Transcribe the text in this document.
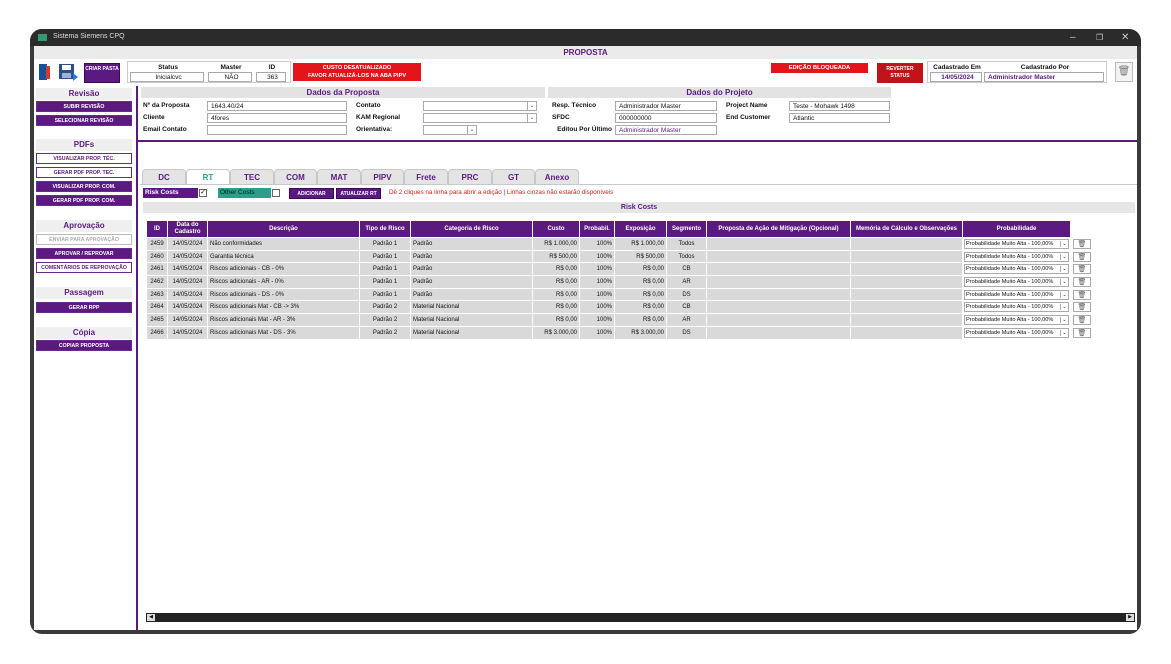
Sistema Siemens CPQ	–	❐ ✕
PROPOSTA
CRIAR PASTA	Status
Inicialcvc
Master
NÃO
ID
363
CUSTO DESATUALIZADO
FAVOR ATUALIZÁ-LOS NA ABA PIPV
EDIÇÃO BLOQUEADA	REVERTER
STATUS
Cadastrado Em
14/05/2024
Cadastrado Por
Administrador Master
🗑
Revisão
SUBIR REVISÃO
SELECIONAR REVISÃO
PDFs
VISUALIZAR PROP. TÉC.
GERAR PDF PROP. TEC.
VISUALIZAR PROP. COM.
GERAR PDF PROP. COM.
Aprovação
ENVIAR PARA APROVAÇÃO
APROVAR / REPROVAR
COMENTÁRIOS DE REPROVAÇÃO
Passagem
GERAR RPP
Cópia
COPIAR PROPOSTA
Dados da Proposta
Nº da Proposta	1643.40/24
Cliente	4fores
Email Contato
Contato	⌄
KAM Regional	⌄
Orientativa:	⌄
Dados do Projeto
Resp. Técnico	Administrador Master
SFDC	000000000
Editou Por Último	Administrador Master
Project Name	Teste - Mohawk 1498
End Customer	Atlantic
DC	RT	TEC	COM	MAT	PIPV	Frete	PRC	GT	Anexo
Risk Costs	✓	Other Costs	ADICIONAR	ATUALIZAR RT	Dê 2 cliques na linha para abrir a edição | Linhas cinzas não estarão disponíveis
Risk Costs
ID	Data do Cadastro	Descrição	Tipo de Risco	Categoria de Risco	Custo	Probabil.	Exposição	Segmento	Proposta de Ação de Mitigação (Opcional)	Memória de Cálculo e Observações	Probabilidade	
2459	14/05/2024	Não conformidades	Padrão 1	Padrão	R$ 1.000,00	100%	R$ 1.000,00	Todos			Probabilidade Muito Alta - 100,00% ⌄	🗑
2460	14/05/2024	Garantia técnica	Padrão 1	Padrão	R$ 500,00	100%	R$ 500,00	Todos			Probabilidade Muito Alta - 100,00% ⌄	🗑
2461	14/05/2024	Riscos adicionais - CB - 0%	Padrão 1	Padrão	R$ 0,00	100%	R$ 0,00	CB			Probabilidade Muito Alta - 100,00% ⌄	🗑
2462	14/05/2024	Riscos adicionais - AR - 0%	Padrão 1	Padrão	R$ 0,00	100%	R$ 0,00	AR			Probabilidade Muito Alta - 100,00% ⌄	🗑
2463	14/05/2024	Riscos adicionais - DS - 0%	Padrão 1	Padrão	R$ 0,00	100%	R$ 0,00	DS			Probabilidade Muito Alta - 100,00% ⌄	🗑
2464	14/05/2024	Riscos adicionais Mat - CB -> 3%	Padrão 2	Material Nacional	R$ 0,00	100%	R$ 0,00	CB			Probabilidade Muito Alta - 100,00% ⌄	🗑
2465	14/05/2024	Riscos adicionais Mat - AR - 3%	Padrão 2	Material Nacional	R$ 0,00	100%	R$ 0,00	AR			Probabilidade Muito Alta - 100,00% ⌄	🗑
2466	14/05/2024	Riscos adicionais Mat - DS - 3%	Padrão 2	Material Nacional	R$ 3.000,00	100%	R$ 3.000,00	DS			Probabilidade Muito Alta - 100,00% ⌄	🗑
◀	▶
